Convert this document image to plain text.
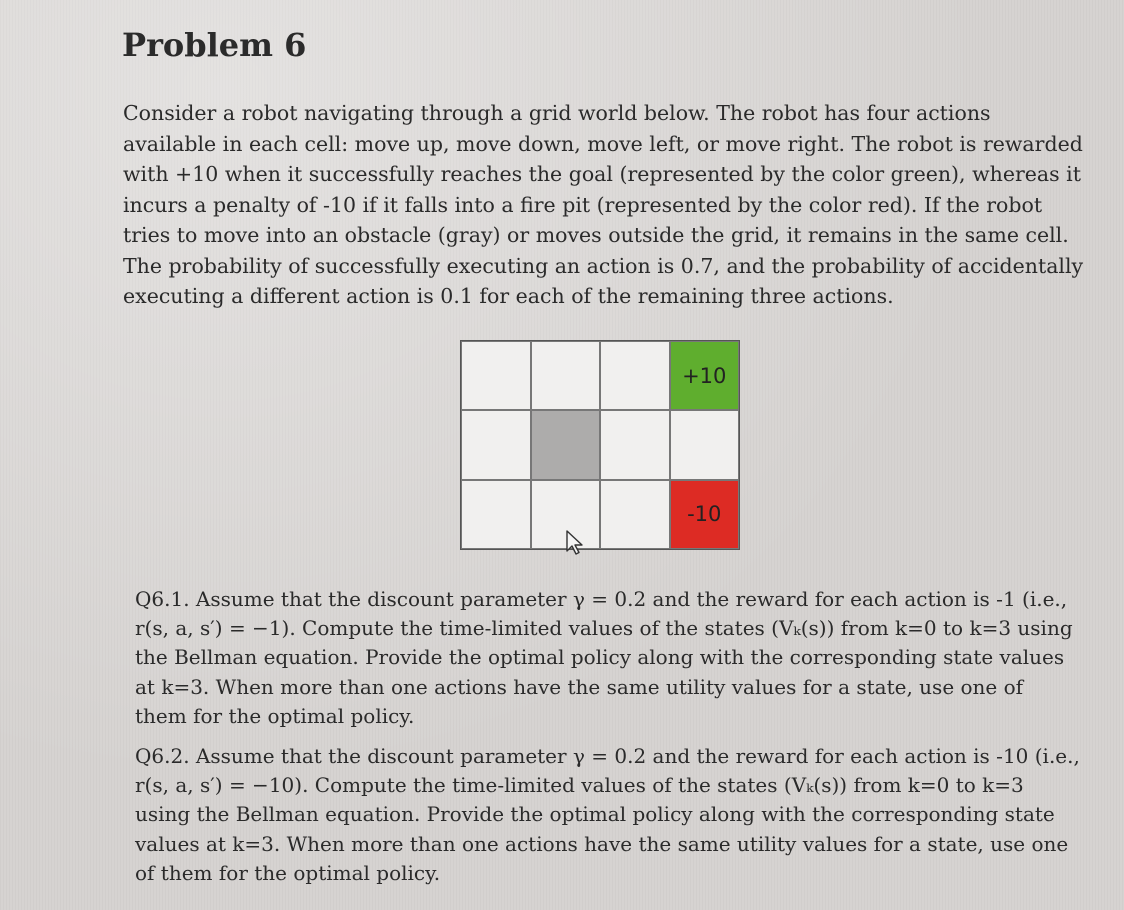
Problem 6

Consider a robot navigating through a grid world below. The robot has four actions available in each cell: move up, move down, move left, or move right. The robot is rewarded with +10 when it successfully reaches the goal (represented by the color green), whereas it incurs a penalty of -10 if it falls into a fire pit (represented by the color red). If the robot tries to move into an obstacle (gray) or moves outside the grid, it remains in the same cell. The probability of successfully executing an action is 0.7, and the probability of accidentally executing a different action is 0.1 for each of the remaining three actions.

+10
-10

Q6.1. Assume that the discount parameter γ = 0.2 and the reward for each action is -1 (i.e., r(s, a, s′) = −1). Compute the time-limited values of the states (Vₖ(s)) from k=0 to k=3 using the Bellman equation. Provide the optimal policy along with the corresponding state values at k=3. When more than one actions have the same utility values for a state, use one of them for the optimal policy.

Q6.2. Assume that the discount parameter γ = 0.2 and the reward for each action is -10 (i.e., r(s, a, s′) = −10). Compute the time-limited values of the states (Vₖ(s)) from k=0 to k=3 using the Bellman equation. Provide the optimal policy along with the corresponding state values at k=3. When more than one actions have the same utility values for a state, use one of them for the optimal policy.
